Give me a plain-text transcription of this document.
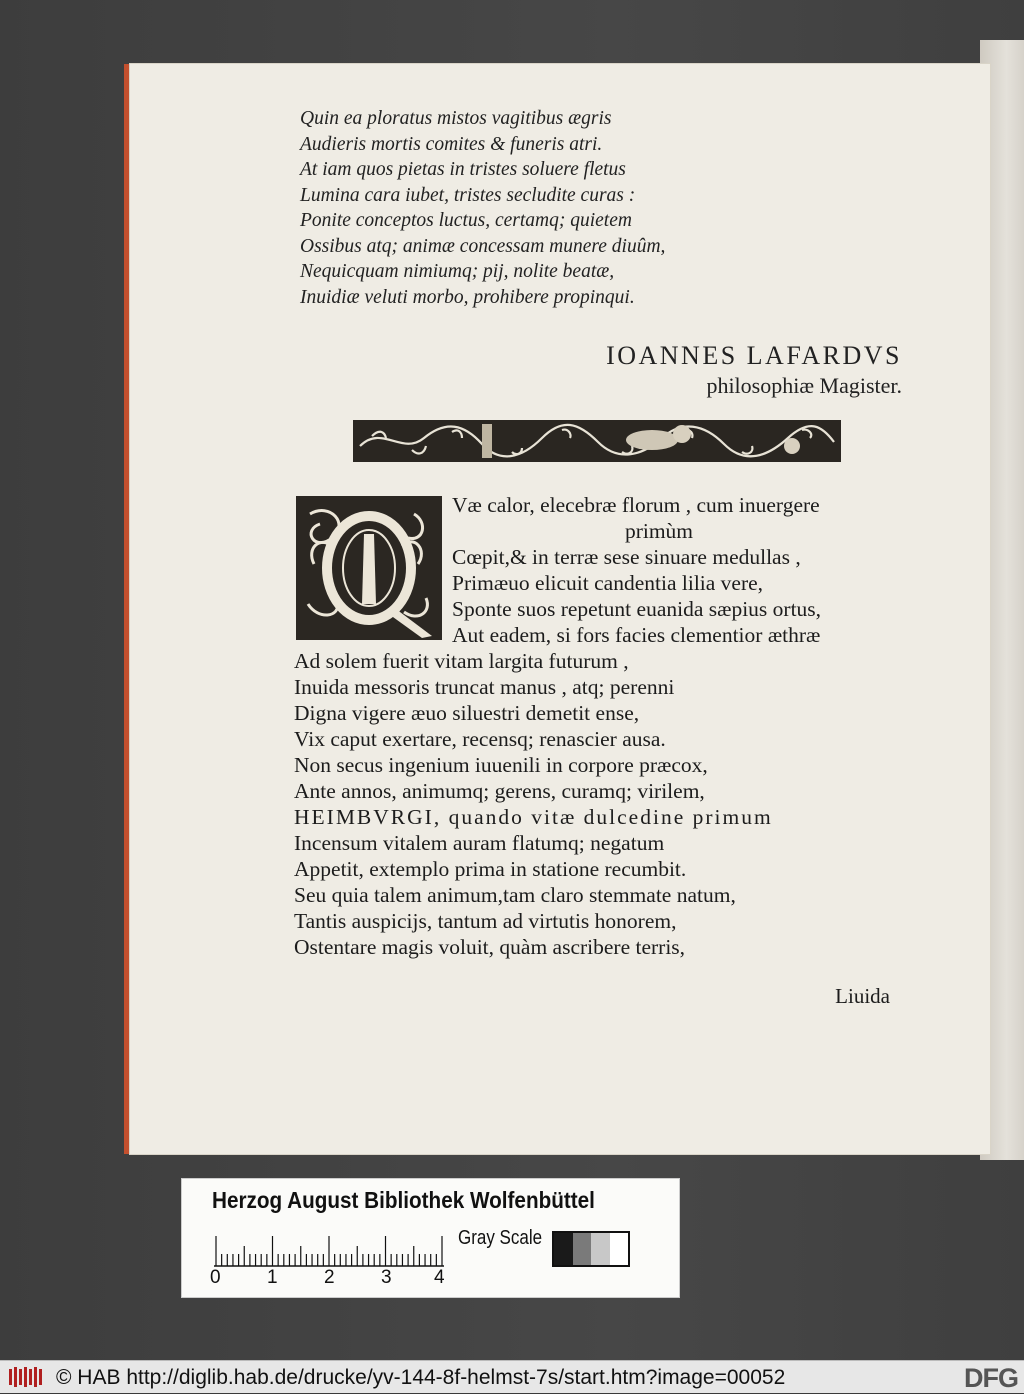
Quin ea ploratus mistos vagitibus ægris
Audieris mortis comites & funeris atri.
At iam quos pietas in tristes soluere fletus
Lumina cara iubet, tristes secludite curas :
Ponite conceptos luctus, certamq; quietem
Ossibus atq; animæ concessam munere diuûm,
Nequicquam nimiumq; pij, nolite beatæ,
Inuidiæ veluti morbo, prohibere propinqui.
IOANNES LAFARDVS
philosophiæ Magister.
Væ calor, elecebræ florum , cum inuergere
primùm
Cœpit,& in terræ sese sinuare medullas ,
Primæuo elicuit candentia lilia vere,
Sponte suos repetunt euanida sæpius ortus,
Aut eadem, si fors facies clementior æthræ
Ad solem fuerit vitam largita futurum ,
Inuida messoris truncat manus , atq; perenni
Digna vigere æuo siluestri demetit ense,
Vix caput exertare, recensq; renascier ausa.
Non secus ingenium iuuenili in corpore præcox,
Ante annos, animumq; gerens, curamq; virilem,
HEIMBVRGI, quando vitæ dulcedine primum
Incensum vitalem auram flatumq; negatum
Appetit, extemplo prima in statione recumbit.
Seu quia talem animum,tam claro stemmate natum,
Tantis auspicijs, tantum ad virtutis honorem,
Ostentare magis voluit, quàm ascribere terris,
Liuida
Herzog August Bibliothek Wolfenbüttel
0 1 2 3 4
Gray Scale
© HAB http://diglib.hab.de/drucke/yv-144-8f-helmst-7s/start.htm?image=00052	DFG
